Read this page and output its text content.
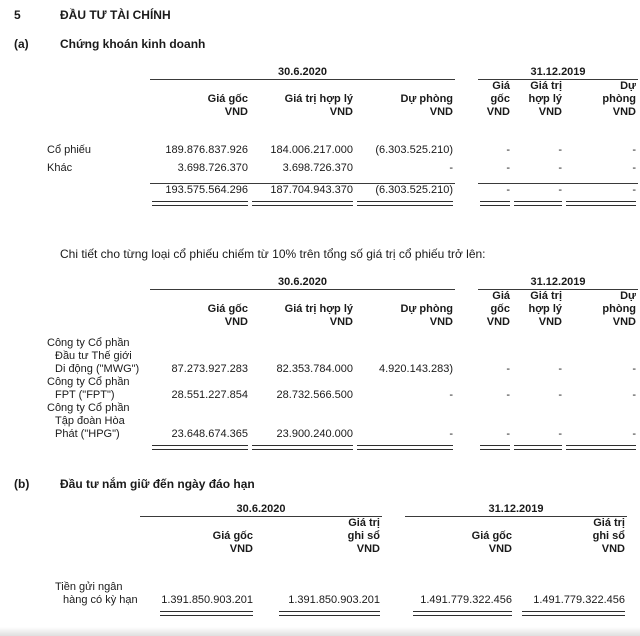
5	ĐẦU TƯ TÀI CHÍNH
(a)	Chứng khoán kinh doanh
	30.6.2020				31.12.2019		
					Giá	Giá trị	Dự
	Giá gốc	Giá trị hợp lý	Dự phòng		gốc	hợp lý	phòng
	VND	VND	VND		VND	VND	VND

Cổ phiếu	189.876.837.926	184.006.217.000	(6.303.525.210)		-	-	-
Khác	3.698.726.370	3.698.726.370	-		-	-	-

	193.575.564.296	187.704.943.370	(6.303.525.210)		-	-	-

Chi tiết cho từng loại cổ phiếu chiếm từ 10% trên tổng số giá trị cổ phiếu trở lên:
	30.6.2020				31.12.2019		
					Giá	Giá trị	Dự
	Giá gốc	Giá trị hợp lý	Dự phòng		gốc	hợp lý	phòng
	VND	VND	VND		VND	VND	VND

Công ty Cổ phần
Đầu tư Thế giới
Di động ("MWG")	87.273.927.283	82.353.784.000	4.920.143.283)		-	-	-

Công ty Cổ phần
FPT ("FPT")	28.551.227.854	28.732.566.500	-		-	-	-

Công ty Cổ phần
Tập đoàn Hòa
Phát ("HPG")	23.648.674.365	23.900.240.000	-		-	-	-

(b)	Đầu tư nắm giữ đến ngày đáo hạn
	30.6.2020			31.12.2019	
		Giá trị			Giá trị
	Giá gốc	ghi sổ		Giá gốc	ghi sổ
	VND	VND		VND	VND

Tiền gửi ngân
hàng có kỳ hạn	1.391.850.903.201	1.391.850.903.201		1.491.779.322.456	1.491.779.322.456
